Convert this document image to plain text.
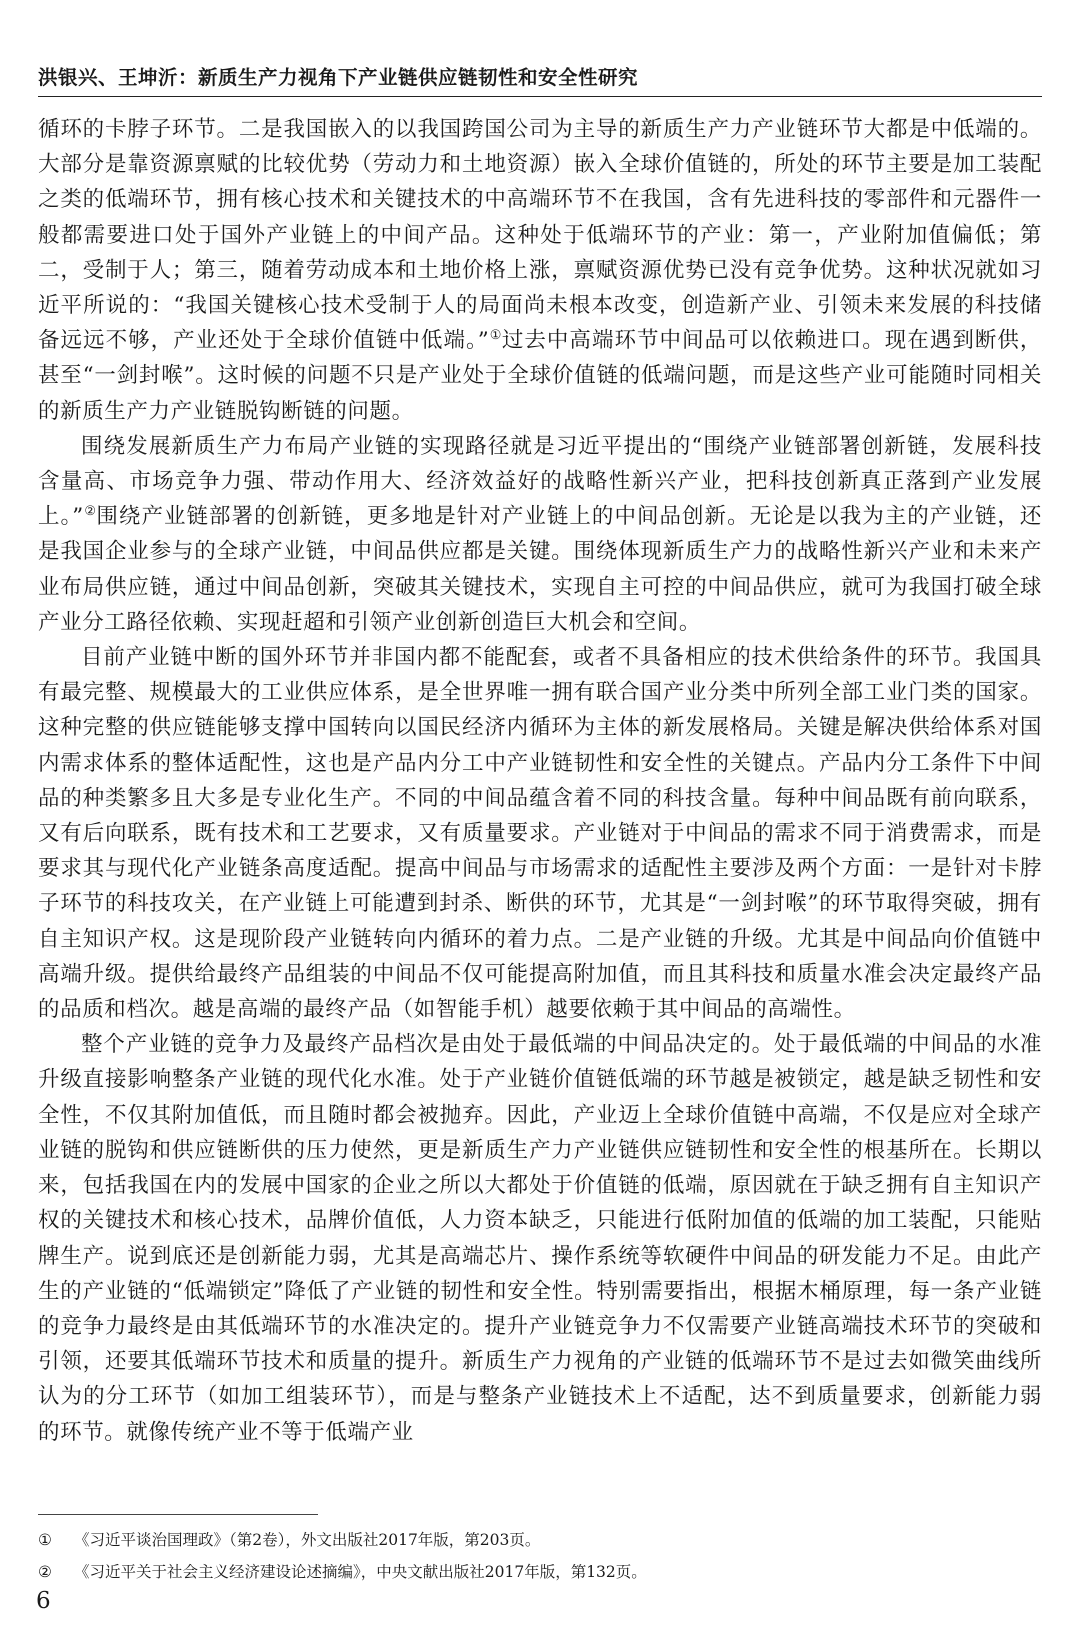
洪银兴、王坤沂：新质生产力视角下产业链供应链韧性和安全性研究

循环的卡脖子环节。二是我国嵌入的以我国跨国公司为主导的新质生产力产业链环节大都是中低端的。大部分是靠资源禀赋的比较优势（劳动力和土地资源）嵌入全球价值链的，所处的环节主要是加工装配之类的低端环节，拥有核心技术和关键技术的中高端环节不在我国，含有先进科技的零部件和元器件一般都需要进口处于国外产业链上的中间产品。这种处于低端环节的产业：第一，产业附加值偏低；第二，受制于人；第三，随着劳动成本和土地价格上涨，禀赋资源优势已没有竞争优势。这种状况就如习近平所说的：“我国关键核心技术受制于人的局面尚未根本改变，创造新产业、引领未来发展的科技储备远远不够，产业还处于全球价值链中低端。”①过去中高端环节中间品可以依赖进口。现在遇到断供，甚至“一剑封喉”。这时候的问题不只是产业处于全球价值链的低端问题，而是这些产业可能随时同相关的新质生产力产业链脱钩断链的问题。

围绕发展新质生产力布局产业链的实现路径就是习近平提出的“围绕产业链部署创新链，发展科技含量高、市场竞争力强、带动作用大、经济效益好的战略性新兴产业，把科技创新真正落到产业发展上。”②围绕产业链部署的创新链，更多地是针对产业链上的中间品创新。无论是以我为主的产业链，还是我国企业参与的全球产业链，中间品供应都是关键。围绕体现新质生产力的战略性新兴产业和未来产业布局供应链，通过中间品创新，突破其关键技术，实现自主可控的中间品供应，就可为我国打破全球产业分工路径依赖、实现赶超和引领产业创新创造巨大机会和空间。

目前产业链中断的国外环节并非国内都不能配套，或者不具备相应的技术供给条件的环节。我国具有最完整、规模最大的工业供应体系，是全世界唯一拥有联合国产业分类中所列全部工业门类的国家。这种完整的供应链能够支撑中国转向以国民经济内循环为主体的新发展格局。关键是解决供给体系对国内需求体系的整体适配性，这也是产品内分工中产业链韧性和安全性的关键点。产品内分工条件下中间品的种类繁多且大多是专业化生产。不同的中间品蕴含着不同的科技含量。每种中间品既有前向联系，又有后向联系，既有技术和工艺要求，又有质量要求。产业链对于中间品的需求不同于消费需求，而是要求其与现代化产业链条高度适配。提高中间品与市场需求的适配性主要涉及两个方面：一是针对卡脖子环节的科技攻关，在产业链上可能遭到封杀、断供的环节，尤其是“一剑封喉”的环节取得突破，拥有自主知识产权。这是现阶段产业链转向内循环的着力点。二是产业链的升级。尤其是中间品向价值链中高端升级。提供给最终产品组装的中间品不仅可能提高附加值，而且其科技和质量水准会决定最终产品的品质和档次。越是高端的最终产品（如智能手机）越要依赖于其中间品的高端性。

整个产业链的竞争力及最终产品档次是由处于最低端的中间品决定的。处于最低端的中间品的水准升级直接影响整条产业链的现代化水准。处于产业链价值链低端的环节越是被锁定，越是缺乏韧性和安全性，不仅其附加值低，而且随时都会被抛弃。因此，产业迈上全球价值链中高端，不仅是应对全球产业链的脱钩和供应链断供的压力使然，更是新质生产力产业链供应链韧性和安全性的根基所在。长期以来，包括我国在内的发展中国家的企业之所以大都处于价值链的低端，原因就在于缺乏拥有自主知识产权的关键技术和核心技术，品牌价值低，人力资本缺乏，只能进行低附加值的低端的加工装配，只能贴牌生产。说到底还是创新能力弱，尤其是高端芯片、操作系统等软硬件中间品的研发能力不足。由此产生的产业链的“低端锁定”降低了产业链的韧性和安全性。特别需要指出，根据木桶原理，每一条产业链的竞争力最终是由其低端环节的水准决定的。提升产业链竞争力不仅需要产业链高端技术环节的突破和引领，还要其低端环节技术和质量的提升。新质生产力视角的产业链的低端环节不是过去如微笑曲线所认为的分工环节（如加工组装环节），而是与整条产业链技术上不适配，达不到质量要求，创新能力弱的环节。就像传统产业不等于低端产业

①	《习近平谈治国理政》（第2卷），外文出版社2017年版，第203页。
②	《习近平关于社会主义经济建设论述摘编》，中央文献出版社2017年版，第132页。
6
